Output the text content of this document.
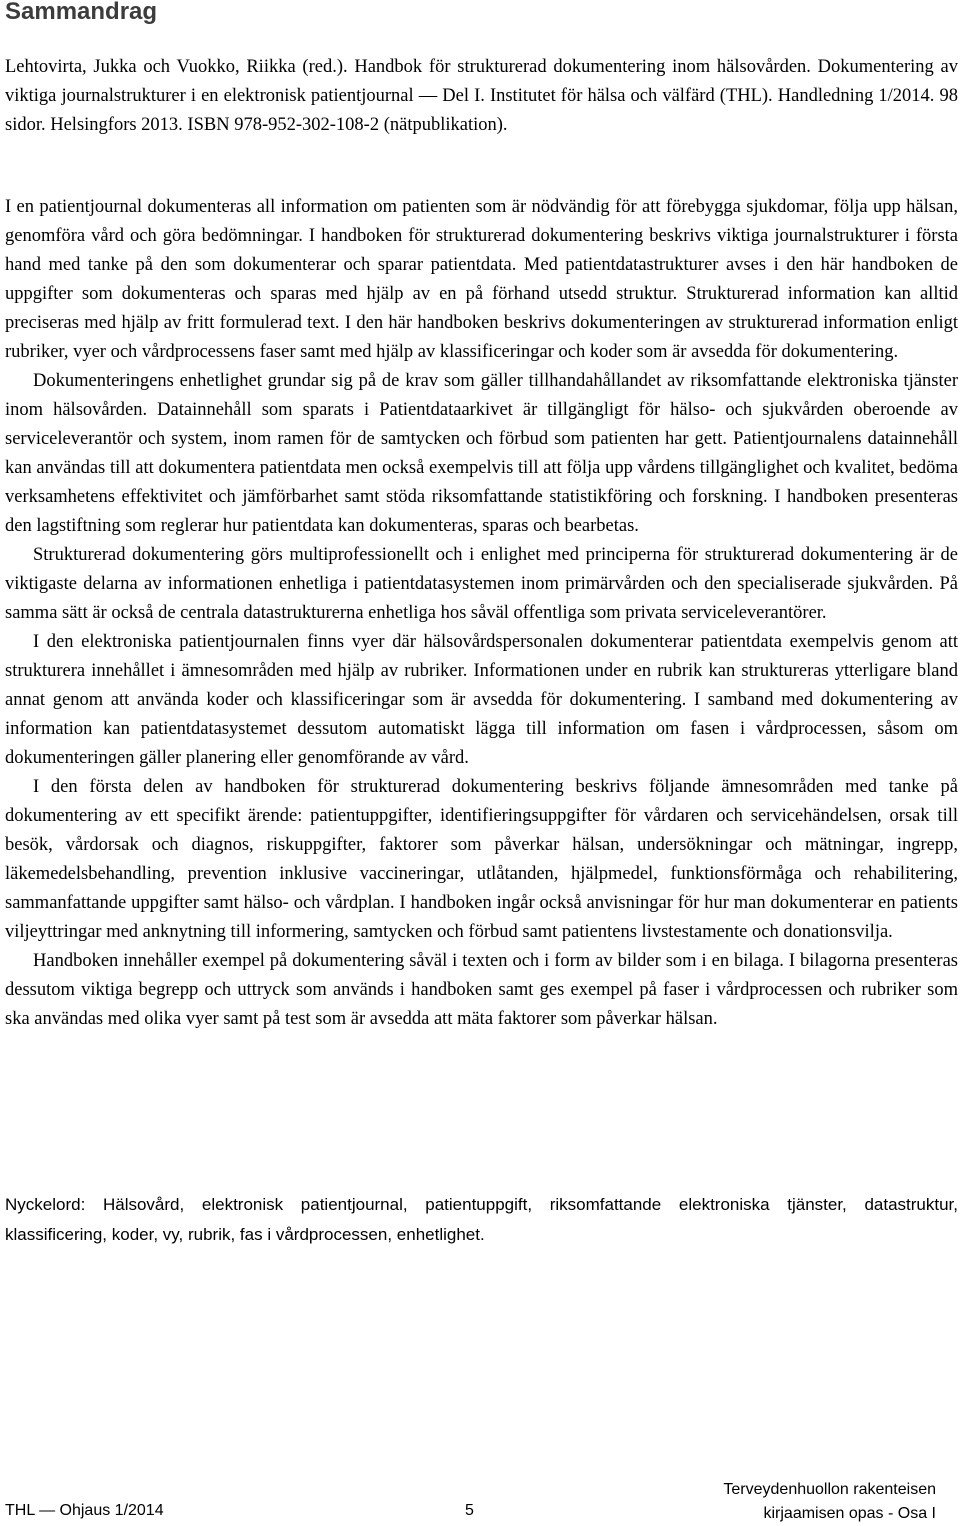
Sammandrag

Lehtovirta, Jukka och Vuokko, Riikka (red.). Handbok för strukturerad dokumentering inom hälsovården. Dokumentering av viktiga journalstrukturer i en elektronisk patientjournal — Del I. Institutet för hälsa och välfärd (THL). Handledning 1/2014. 98 sidor. Helsingfors 2013. ISBN 978-952-302-108-2 (nätpublikation).

I en patientjournal dokumenteras all information om patienten som är nödvändig för att förebygga sjukdomar, följa upp hälsan, genomföra vård och göra bedömningar. I handboken för strukturerad dokumentering beskrivs viktiga journalstrukturer i första hand med tanke på den som dokumenterar och sparar patientdata. Med patientdatastrukturer avses i den här handboken de uppgifter som dokumenteras och sparas med hjälp av en på förhand utsedd struktur. Strukturerad information kan alltid preciseras med hjälp av fritt formulerad text. I den här handboken beskrivs dokumenteringen av strukturerad information enligt rubriker, vyer och vårdprocessens faser samt med hjälp av klassificeringar och koder som är avsedda för dokumentering.

Dokumenteringens enhetlighet grundar sig på de krav som gäller tillhandahållandet av riksomfattande elektroniska tjänster inom hälsovården. Datainnehåll som sparats i Patientdataarkivet är tillgängligt för hälso- och sjukvården oberoende av serviceleverantör och system, inom ramen för de samtycken och förbud som patienten har gett. Patientjournalens datainnehåll kan användas till att dokumentera patientdata men också exempelvis till att följa upp vårdens tillgänglighet och kvalitet, bedöma verksamhetens effektivitet och jämförbarhet samt stöda riksomfattande statistikföring och forskning. I handboken presenteras den lagstiftning som reglerar hur patientdata kan dokumenteras, sparas och bearbetas.

Strukturerad dokumentering görs multiprofessionellt och i enlighet med principerna för strukturerad dokumentering är de viktigaste delarna av informationen enhetliga i patientdatasystemen inom primärvården och den specialiserade sjukvården. På samma sätt är också de centrala datastrukturerna enhetliga hos såväl offentliga som privata serviceleverantörer.

I den elektroniska patientjournalen finns vyer där hälsovårdspersonalen dokumenterar patientdata exempelvis genom att strukturera innehållet i ämnesområden med hjälp av rubriker. Informationen under en rubrik kan struktureras ytterligare bland annat genom att använda koder och klassificeringar som är avsedda för dokumentering. I samband med dokumentering av information kan patientdatasystemet dessutom automatiskt lägga till information om fasen i vårdprocessen, såsom om dokumenteringen gäller planering eller genomförande av vård.

I den första delen av handboken för strukturerad dokumentering beskrivs följande ämnesområden med tanke på dokumentering av ett specifikt ärende: patientuppgifter, identifieringsuppgifter för vårdaren och servicehändelsen, orsak till besök, vårdorsak och diagnos, riskuppgifter, faktorer som påverkar hälsan, undersökningar och mätningar, ingrepp, läkemedelsbehandling, prevention inklusive vaccineringar, utlåtanden, hjälpmedel, funktionsförmåga och rehabilitering, sammanfattande uppgifter samt hälso- och vårdplan. I handboken ingår också anvisningar för hur man dokumenterar en patients viljeyttringar med anknytning till informering, samtycken och förbud samt patientens livstestamente och donationsvilja.

Handboken innehåller exempel på dokumentering såväl i texten och i form av bilder som i en bilaga. I bilagorna presenteras dessutom viktiga begrepp och uttryck som används i handboken samt ges exempel på faser i vårdprocessen och rubriker som ska användas med olika vyer samt på test som är avsedda att mäta faktorer som påverkar hälsan.

Nyckelord: Hälsovård, elektronisk patientjournal, patientuppgift, riksomfattande elektroniska tjänster, datastruktur, klassificering, koder, vy, rubrik, fas i vårdprocessen, enhetlighet.

THL — Ohjaus 1/2014	5
Terveydenhuollon rakenteisen
kirjaamisen opas - Osa I
